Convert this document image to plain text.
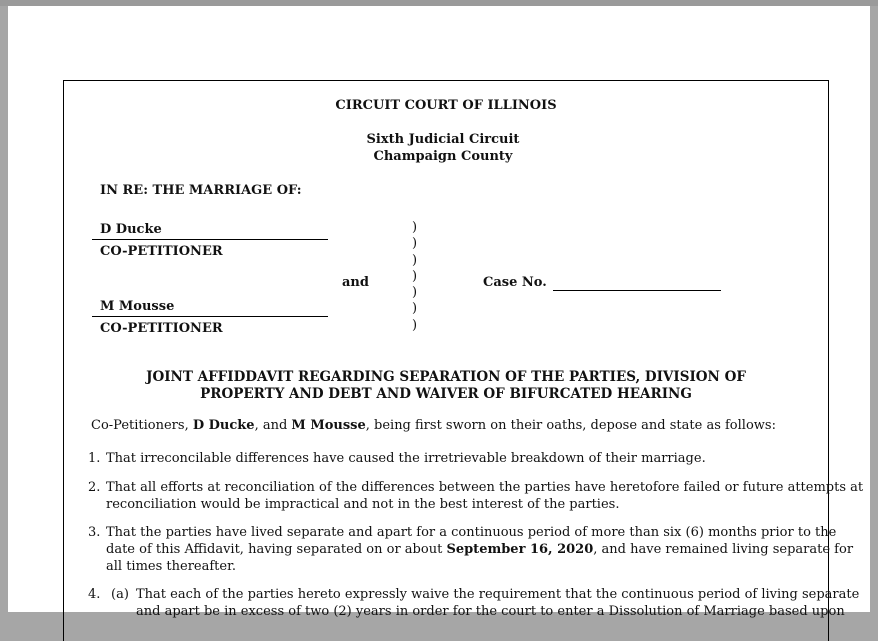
CIRCUIT COURT OF ILLINOIS
Sixth Judicial Circuit
Champaign County
IN RE: THE MARRIAGE OF:
D Ducke
CO-PETITIONER
and
M Mousse
CO-PETITIONER
)
)
)
)
)
)
)
Case No.
JOINT AFFIDDAVIT REGARDING SEPARATION OF THE PARTIES, DIVISION OF
PROPERTY AND DEBT AND WAIVER OF BIFURCATED HEARING
Co-Petitioners, D Ducke, and M Mousse, being first sworn on their oaths, depose and state as follows:
1. That irreconcilable differences have caused the irretrievable breakdown of their marriage.
2. That all efforts at reconciliation of the differences between the parties have heretofore failed or future attempts at
reconciliation would be impractical and not in the best interest of the parties.
3. That the parties have lived separate and apart for a continuous period of more than six (6) months prior to the
date of this Affidavit, having separated on or about September 16, 2020, and have remained living separate for
all times thereafter.
4. (a) That each of the parties hereto expressly waive the requirement that the continuous period of living separate
and apart be in excess of two (2) years in order for the court to enter a Dissolution of Marriage based upon
